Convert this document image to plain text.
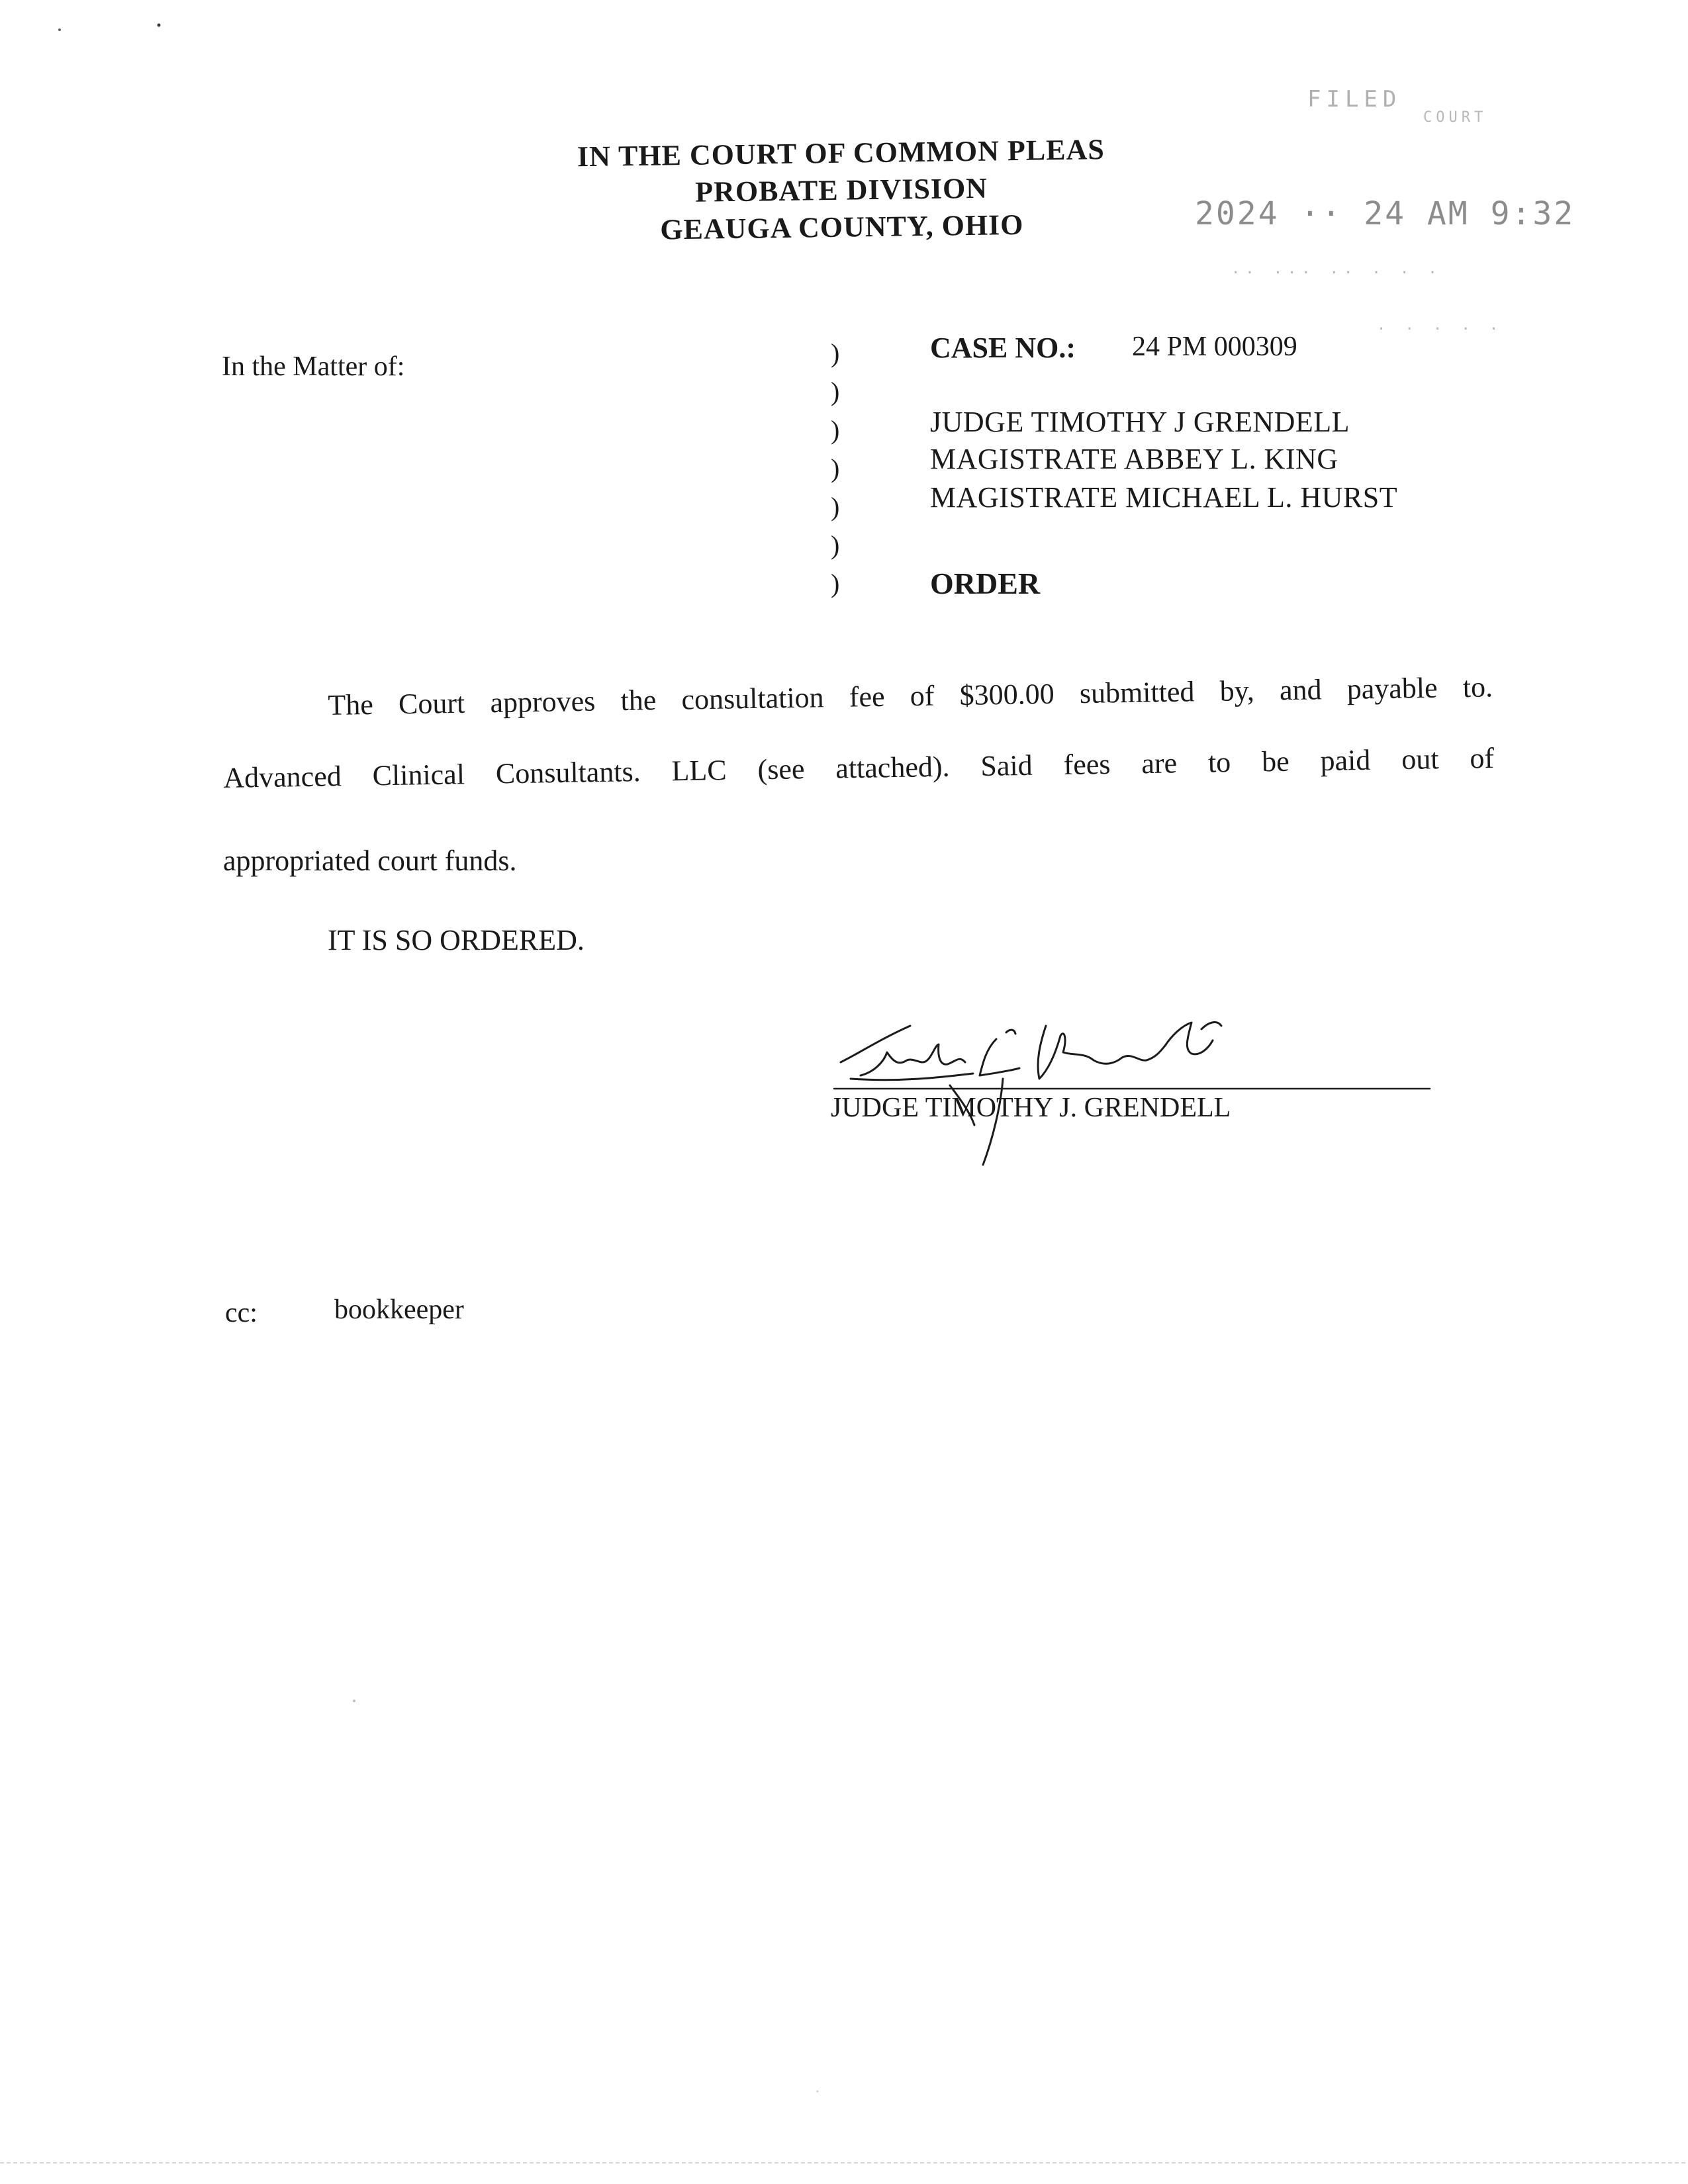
IN THE COURT OF COMMON PLEAS
PROBATE DIVISION
GEAUGA COUNTY, OHIO
FILED
COURT
2024 ·· 24 AM 9:32
·· ··· ·· · · ·
· · · · ·
In the Matter of:	)
)
)
)
)
)
)
CASE NO.: 24 PM 000309
JUDGE TIMOTHY J GRENDELL
MAGISTRATE ABBEY L. KING
MAGISTRATE MICHAEL L. HURST
ORDER
The Court approves the consultation fee of $300.00 submitted by, and payable to.
Advanced Clinical Consultants. LLC (see attached). Said fees are to be paid out of
appropriated court funds.
IT IS SO ORDERED.
JUDGE TIMOTHY J. GRENDELL
cc:	bookkeeper
